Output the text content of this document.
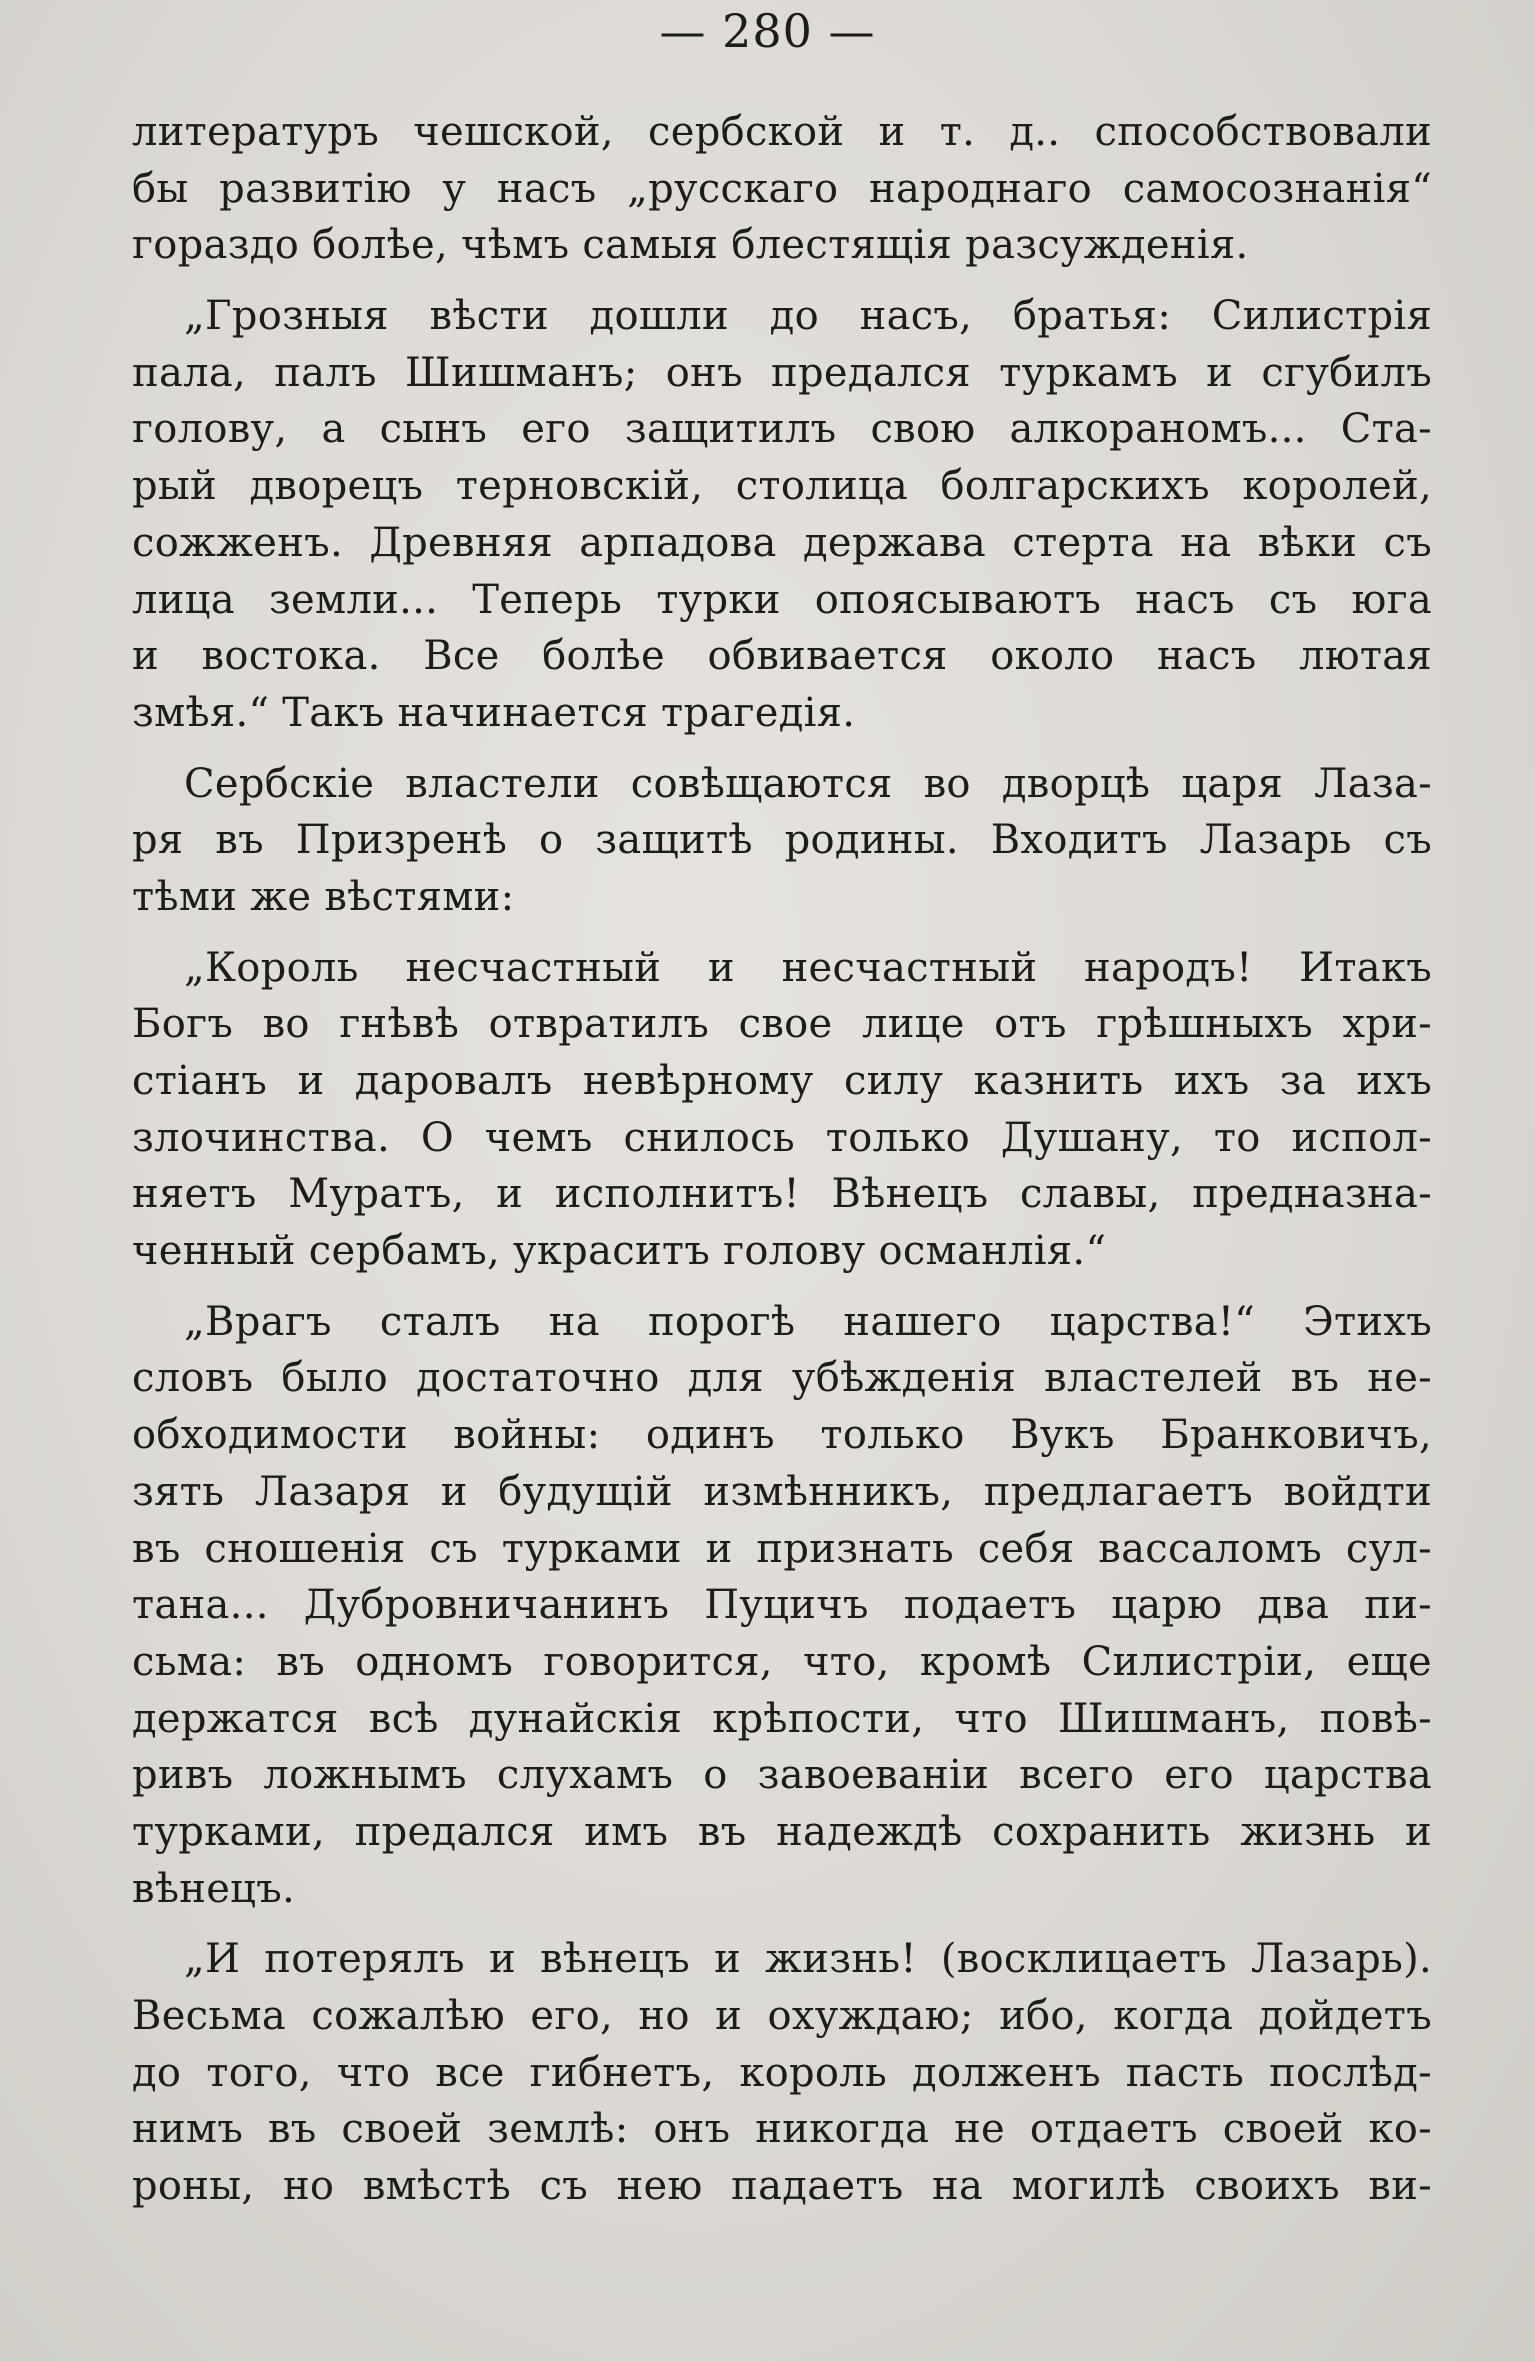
— 280 —
литературъ чешской, сербской и т. д.. способствовали
бы развитію у насъ „русскаго народнаго самосознанія“
гораздо болѣе, чѣмъ самыя блестящія разсужденія.
„Грозныя вѣсти дошли до насъ, братья: Силистрія
пала, палъ Шишманъ; онъ предался туркамъ и сгубилъ
голову, а сынъ его защитилъ свою алкораномъ... Ста-
рый дворецъ терновскій, столица болгарскихъ королей,
сожженъ. Древняя арпадова держава стерта на вѣки съ
лица земли... Теперь турки опоясываютъ насъ съ юга
и востока. Все болѣе обвивается около насъ лютая
змѣя.“ Такъ начинается трагедія.
Сербскіе властели совѣщаются во дворцѣ царя Лаза-
ря въ Призренѣ о защитѣ родины. Входитъ Лазарь съ
тѣми же вѣстями:
„Король несчастный и несчастный народъ! Итакъ
Богъ во гнѣвѣ отвратилъ свое лице отъ грѣшныхъ хри-
стіанъ и даровалъ невѣрному силу казнить ихъ за ихъ
злочинства. О чемъ снилось только Душану, то испол-
няетъ Муратъ, и исполнитъ! Вѣнецъ славы, предназна-
ченный сербамъ, украситъ голову османлія.“
„Врагъ сталъ на порогѣ нашего царства!“ Этихъ
словъ было достаточно для убѣжденія властелей въ не-
обходимости войны: одинъ только Вукъ Бранковичъ,
зять Лазаря и будущій измѣнникъ, предлагаетъ войдти
въ сношенія съ турками и признать себя вассаломъ сул-
тана... Дубровничанинъ Пуцичъ подаетъ царю два пи-
сьма: въ одномъ говорится, что, кромѣ Силистріи, еще
держатся всѣ дунайскія крѣпости, что Шишманъ, повѣ-
ривъ ложнымъ слухамъ о завоеваніи всего его царства
турками, предался имъ въ надеждѣ сохранить жизнь и
вѣнецъ.
„И потерялъ и вѣнецъ и жизнь! (восклицаетъ Лазарь).
Весьма сожалѣю его, но и охуждаю; ибо, когда дойдетъ
до того, что все гибнетъ, король долженъ пасть послѣд-
нимъ въ своей землѣ: онъ никогда не отдаетъ своей ко-
роны, но вмѣстѣ съ нею падаетъ на могилѣ своихъ ви-
